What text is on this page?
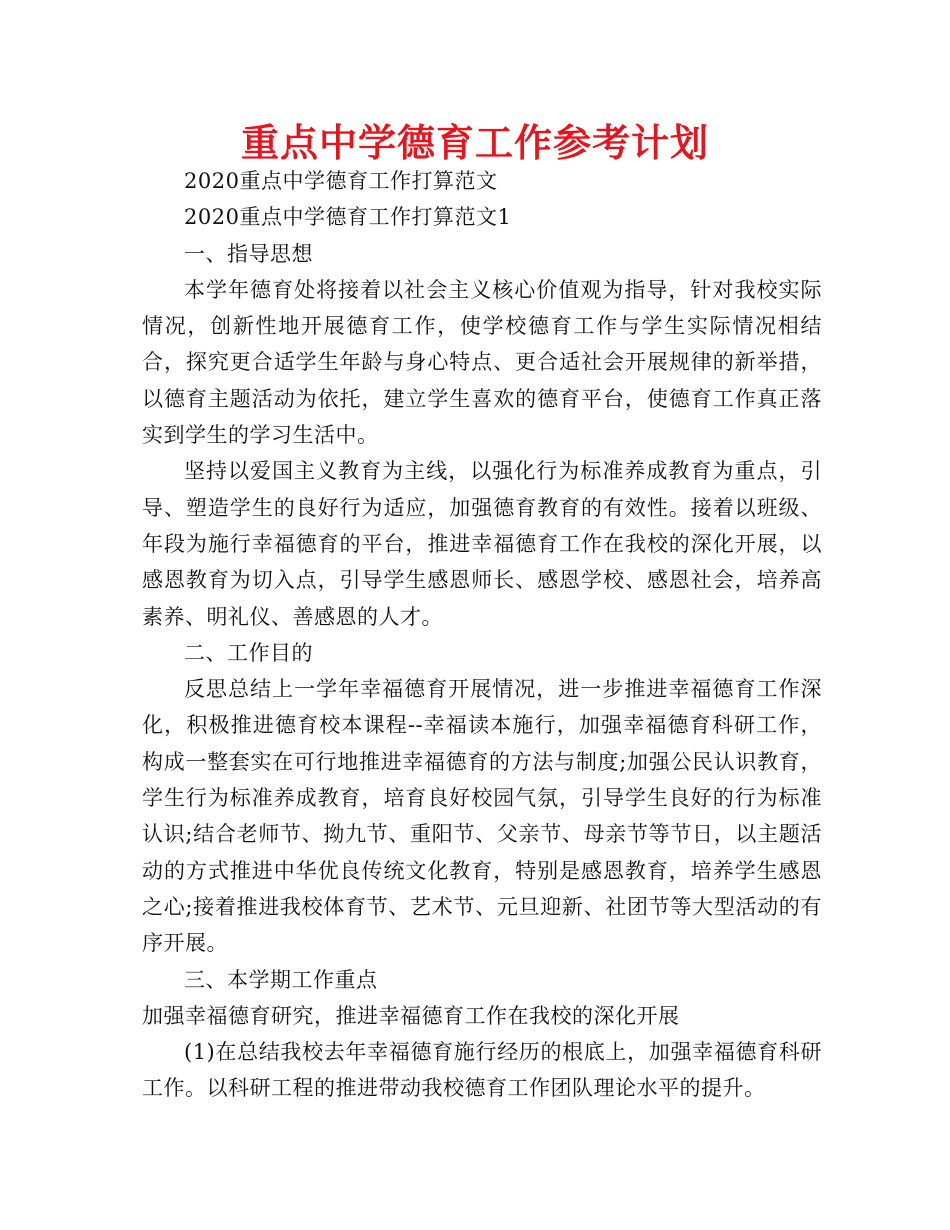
重点中学德育工作参考计划

2020重点中学德育工作打算范文

2020重点中学德育工作打算范文1

一、指导思想

本学年德育处将接着以社会主义核心价值观为指导，针对我校实际情况，创新性地开展德育工作，使学校德育工作与学生实际情况相结合，探究更合适学生年龄与身心特点、更合适社会开展规律的新举措，以德育主题活动为依托，建立学生喜欢的德育平台，使德育工作真正落实到学生的学习生活中。

坚持以爱国主义教育为主线，以强化行为标准养成教育为重点，引导、塑造学生的良好行为适应，加强德育教育的有效性。接着以班级、年段为施行幸福德育的平台，推进幸福德育工作在我校的深化开展，以感恩教育为切入点，引导学生感恩师长、感恩学校、感恩社会，培养高素养、明礼仪、善感恩的人才。

二、工作目的

反思总结上一学年幸福德育开展情况，进一步推进幸福德育工作深化，积极推进德育校本课程--幸福读本施行，加强幸福德育科研工作，构成一整套实在可行地推进幸福德育的方法与制度;加强公民认识教育，学生行为标准养成教育，培育良好校园气氛，引导学生良好的行为标准认识;结合老师节、拗九节、重阳节、父亲节、母亲节等节日，以主题活动的方式推进中华优良传统文化教育，特别是感恩教育，培养学生感恩之心;接着推进我校体育节、艺术节、元旦迎新、社团节等大型活动的有序开展。

三、本学期工作重点

加强幸福德育研究，推进幸福德育工作在我校的深化开展

(1)在总结我校去年幸福德育施行经历的根底上，加强幸福德育科研工作。以科研工程的推进带动我校德育工作团队理论水平的提升。
